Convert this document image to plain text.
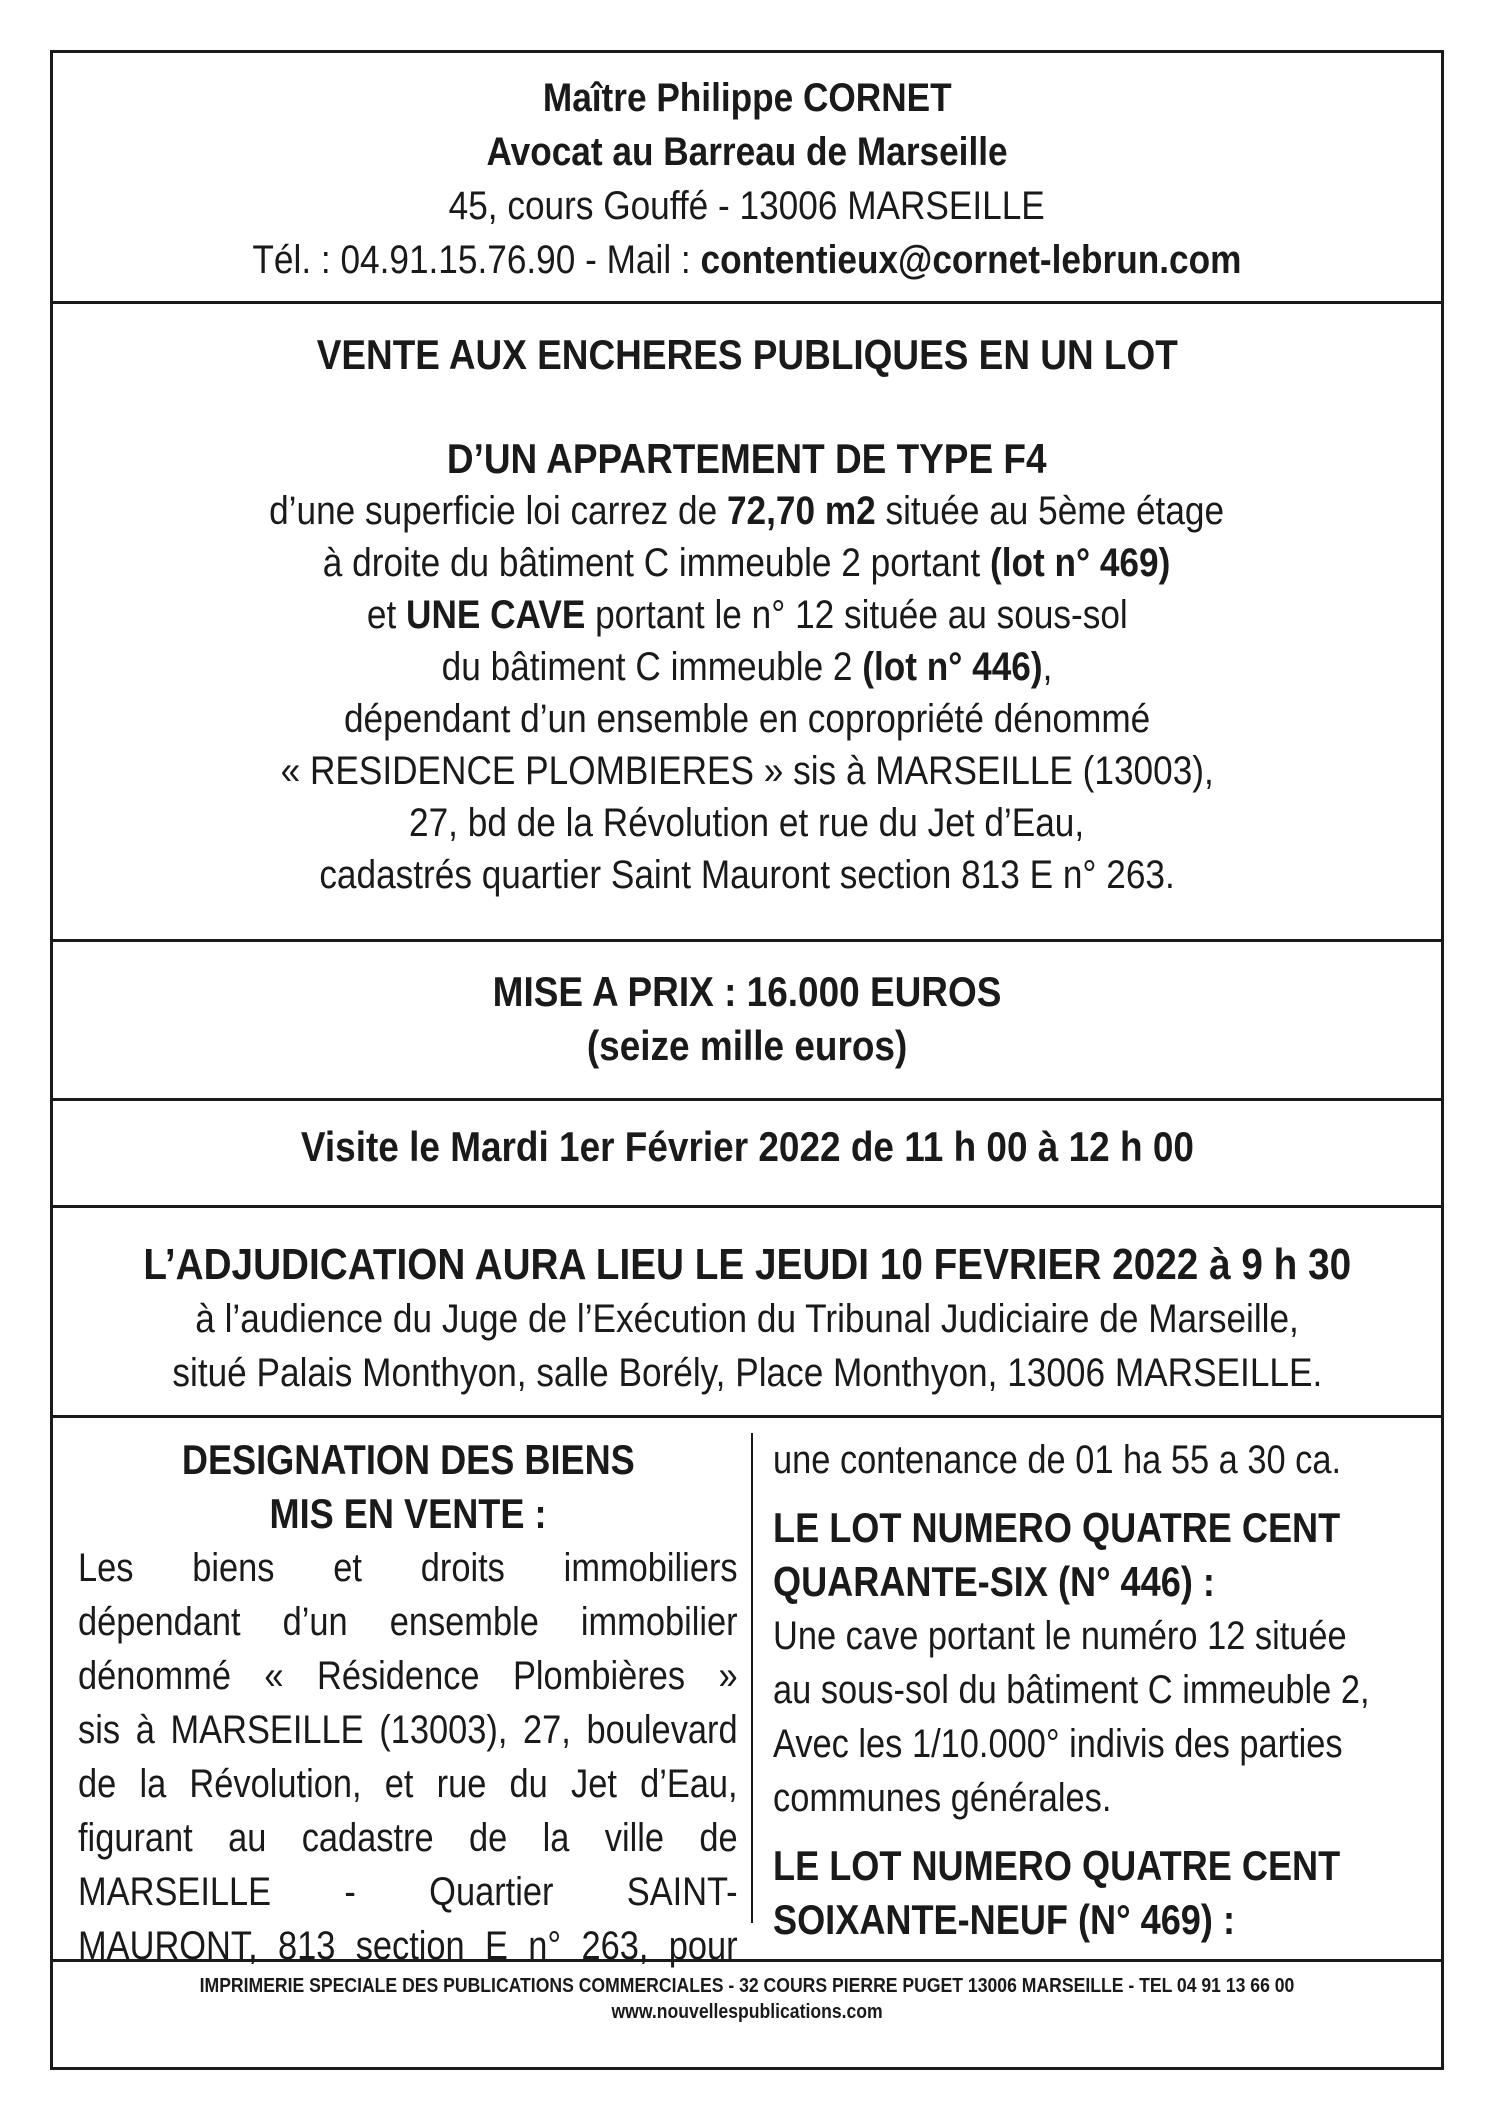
Maître Philippe CORNET
Avocat au Barreau de Marseille
45, cours Gouffé - 13006 MARSEILLE
Tél. : 04.91.15.76.90 - Mail : contentieux@cornet-lebrun.com
VENTE AUX ENCHERES PUBLIQUES EN UN LOT
D’UN APPARTEMENT DE TYPE F4
d’une superficie loi carrez de 72,70 m2 située au 5ème étage
à droite du bâtiment C immeuble 2 portant (lot n° 469)
et UNE CAVE portant le n° 12 située au sous-sol
du bâtiment C immeuble 2 (lot n° 446),
dépendant d’un ensemble en copropriété dénommé
« RESIDENCE PLOMBIERES » sis à MARSEILLE (13003),
27, bd de la Révolution et rue du Jet d’Eau,
cadastrés quartier Saint Mauront section 813 E n° 263.
MISE A PRIX : 16.000 EUROS
(seize mille euros)
Visite le Mardi 1er Février 2022 de 11 h 00 à 12 h 00
L’ADJUDICATION AURA LIEU LE JEUDI 10 FEVRIER 2022 à 9 h 30
à l’audience du Juge de l’Exécution du Tribunal Judiciaire de Marseille,
situé Palais Monthyon, salle Borély, Place Monthyon, 13006 MARSEILLE.
DESIGNATION DES BIENS
MIS EN VENTE :
Les biens et droits immobiliers
dépendant d’un ensemble immobilier
dénommé « Résidence Plombières »
sis à MARSEILLE (13003), 27, boulevard
de la Révolution, et rue du Jet d’Eau,
figurant au cadastre de la ville de
MARSEILLE - Quartier SAINT-
MAURONT, 813 section E n° 263, pour
une contenance de 01 ha 55 a 30 ca.
LE LOT NUMERO QUATRE CENT
QUARANTE-SIX (N° 446) :
Une cave portant le numéro 12 située
au sous-sol du bâtiment C immeuble 2,
Avec les 1/10.000° indivis des parties
communes générales.
LE LOT NUMERO QUATRE CENT
SOIXANTE-NEUF (N° 469) :
IMPRIMERIE SPECIALE DES PUBLICATIONS COMMERCIALES - 32 COURS PIERRE PUGET 13006 MARSEILLE - TEL 04 91 13 66 00
www.nouvellespublications.com
